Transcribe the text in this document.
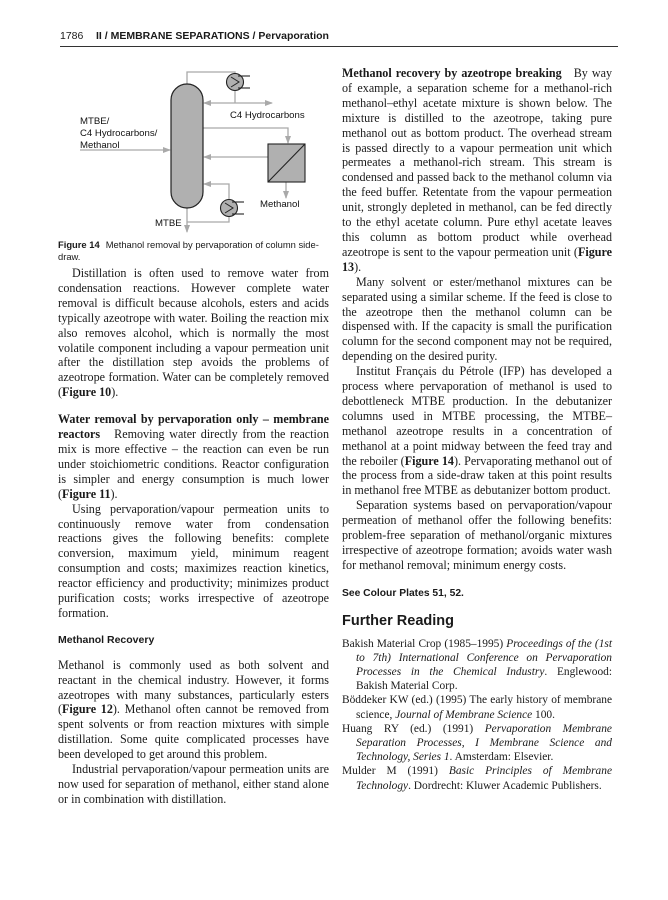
1786 II / MEMBRANE SEPARATIONS / Pervaporation
MTBE/
C4 Hydrocarbons/
Methanol
C4 Hydrocarbons
Methanol
MTBE
Figure 14 Methanol removal by pervaporation of column side-draw.

Distillation is often used to remove water from condensation reactions. However complete water removal is difficult because alcohols, esters and acids typically azeotrope with water. Boiling the reaction mix also removes alcohol, which is normally the most volatile component including a vapour permeation unit after the distillation step avoids the problems of azeotrope formation. Water can be completely removed (Figure 10).

Water removal by pervaporation only – membrane reactors Removing water directly from the reaction mix is more effective – the reaction can even be run under stoichiometric conditions. Reactor configuration is simpler and energy consumption is much lower (Figure 11).

Using pervaporation/vapour permeation units to continuously remove water from condensation reactions gives the following benefits: complete conversion, maximum yield, minimum reagent consumption and costs; maximizes reaction kinetics, reactor efficiency and productivity; minimizes product purification costs; works irrespective of azeotrope formation.

Methanol Recovery

Methanol is commonly used as both solvent and reactant in the chemical industry. However, it forms azeotropes with many substances, particularly esters (Figure 12). Methanol often cannot be removed from spent solvents or from reaction mixtures with simple distillation. Some quite complicated processes have been developed to get around this problem.

Industrial pervaporation/vapour permeation units are now used for separation of methanol, either stand alone or in combination with distillation.

Methanol recovery by azeotrope breaking By way of example, a separation scheme for a methanol-rich methanol–ethyl acetate mixture is shown below. The mixture is distilled to the azeotrope, taking pure methanol out as bottom product. The overhead stream is passed directly to a vapour permeation unit which permeates a methanol-rich stream. This stream is condensed and passed back to the methanol column via the feed buffer. Retentate from the vapour permeation unit, strongly depleted in methanol, can be fed directly to the ethyl acetate column. Pure ethyl acetate leaves this column as bottom product while overhead azeotrope is sent to the vapour permeation unit (Figure 13).

Many solvent or ester/methanol mixtures can be separated using a similar scheme. If the feed is close to the azeotrope then the methanol column can be dispensed with. If the capacity is small the purification column for the second component may not be required, depending on the desired purity.

Institut Français du Pétrole (IFP) has developed a process where pervaporation of methanol is used to debottleneck MTBE production. In the debutanizer columns used in MTBE processing, the MTBE–methanol azeotrope results in a concentration of methanol at a point midway between the feed tray and the reboiler (Figure 14). Pervaporating methanol out of the process from a side-draw taken at this point results in methanol free MTBE as debutanizer bottom product.

Separation systems based on pervaporation/vapour permeation of methanol offer the following benefits: problem-free separation of methanol/organic mixtures irrespective of azeotrope formation; avoids water wash for methanol removal; minimum energy costs.

See Colour Plates 51, 52.

Further Reading

Bakish Material Crop (1985–1995) Proceedings of the (1st to 7th) International Conference on Pervaporation Processes in the Chemical Industry. Englewood: Bakish Material Corp.

Böddeker KW (ed.) (1995) The early history of membrane science, Journal of Membrane Science 100.

Huang RY (ed.) (1991) Pervaporation Membrane Separation Processes, I Membrane Science and Technology, Series 1. Amsterdam: Elsevier.

Mulder M (1991) Basic Principles of Membrane Technology. Dordrecht: Kluwer Academic Publishers.
